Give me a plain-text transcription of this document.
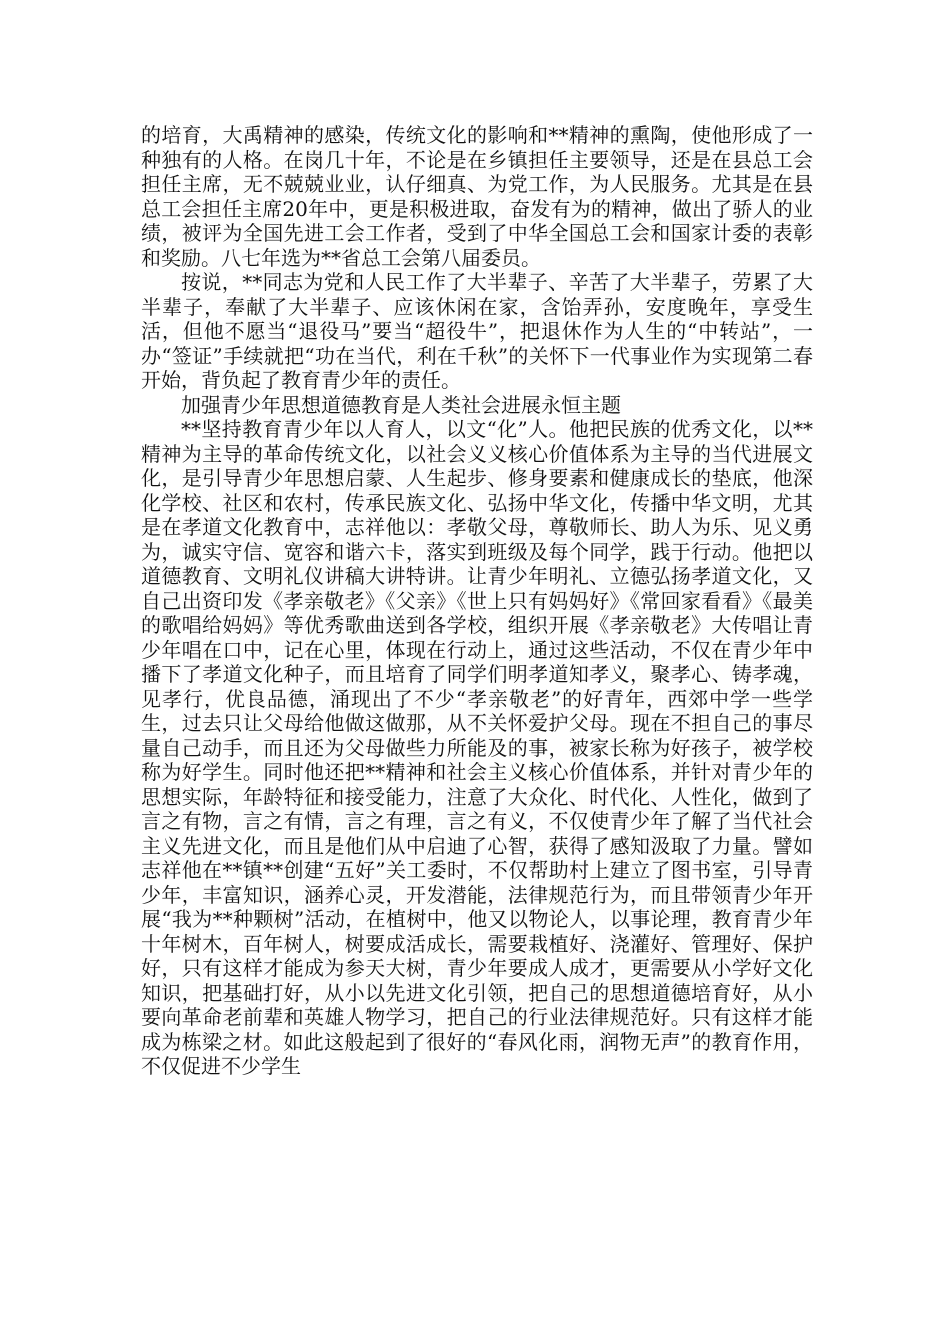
的培育，大禹精神的感染，传统文化的影响和**精神的熏陶，使他形成了一种独有的人格。在岗几十年，不论是在乡镇担任主要领导，还是在县总工会担任主席，无不兢兢业业，认仔细真、为党工作，为人民服务。尤其是在县总工会担任主席20年中，更是积极进取，奋发有为的精神，做出了骄人的业绩，被评为全国先进工会工作者，受到了中华全国总工会和国家计委的表彰和奖励。八七年选为**省总工会第八届委员。

按说，**同志为党和人民工作了大半辈子、辛苦了大半辈子，劳累了大半辈子，奉献了大半辈子、应该休闲在家，含饴弄孙，安度晚年，享受生活，但他不愿当“退役马”要当“超役牛”，把退休作为人生的“中转站”，一办“签证”手续就把“功在当代，利在千秋”的关怀下一代事业作为实现第二春开始，背负起了教育青少年的责任。

加强青少年思想道德教育是人类社会进展永恒主题

**坚持教育青少年以人育人，以文“化”人。他把民族的优秀文化，以**精神为主导的革命传统文化，以社会义义核心价值体系为主导的当代进展文化，是引导青少年思想启蒙、人生起步、修身要素和健康成长的垫底，他深化学校、社区和农村，传承民族文化、弘扬中华文化，传播中华文明，尤其是在孝道文化教育中，志祥他以：孝敬父母，尊敬师长、助人为乐、见义勇为，诚实守信、宽容和谐六卡，落实到班级及每个同学，践于行动。他把以道德教育、文明礼仪讲稿大讲特讲。让青少年明礼、立德弘扬孝道文化，又自己出资印发《孝亲敬老》《父亲》《世上只有妈妈好》《常回家看看》《最美的歌唱给妈妈》等优秀歌曲送到各学校，组织开展《孝亲敬老》大传唱让青少年唱在口中，记在心里，体现在行动上，通过这些活动，不仅在青少年中播下了孝道文化种子，而且培育了同学们明孝道知孝义，聚孝心、铸孝魂，见孝行，优良品德，涌现出了不少“孝亲敬老”的好青年，西郊中学一些学生，过去只让父母给他做这做那，从不关怀爱护父母。现在不担自己的事尽量自己动手，而且还为父母做些力所能及的事，被家长称为好孩子，被学校称为好学生。同时他还把**精神和社会主义核心价值体系，并针对青少年的思想实际，年龄特征和接受能力，注意了大众化、时代化、人性化，做到了言之有物，言之有情，言之有理，言之有义，不仅使青少年了解了当代社会主义先进文化，而且是他们从中启迪了心智，获得了感知汲取了力量。譬如志祥他在**镇**创建“五好”关工委时，不仅帮助村上建立了图书室，引导青少年，丰富知识，涵养心灵，开发潜能，法律规范行为，而且带领青少年开展“我为**种颗树”活动，在植树中，他又以物论人，以事论理，教育青少年十年树木，百年树人，树要成活成长，需要栽植好、浇灌好、管理好、保护好，只有这样才能成为参天大树，青少年要成人成才，更需要从小学好文化知识，把基础打好，从小以先进文化引领，把自己的思想道德培育好，从小要向革命老前辈和英雄人物学习，把自己的行业法律规范好。只有这样才能成为栋梁之材。如此这般起到了很好的“春风化雨，润物无声”的教育作用，不仅促进不少学生
